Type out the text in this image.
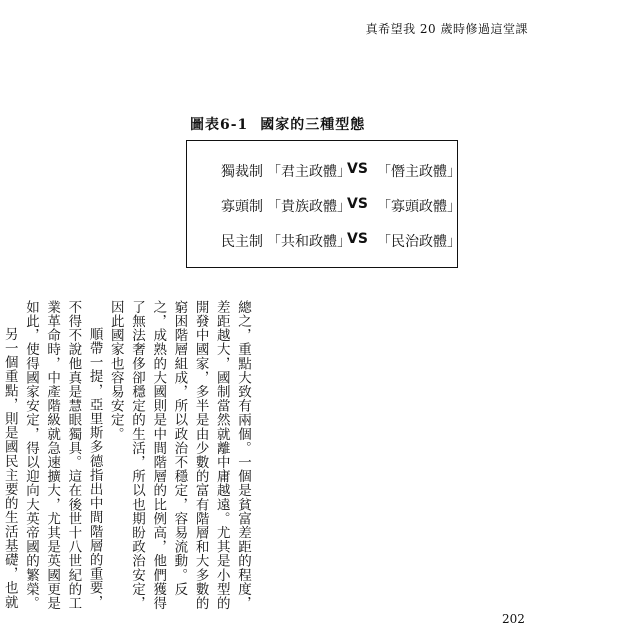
真希望我 20 歲時修過這堂課
圖表6-1 國家的三種型態
獨裁制 「君主政體」
VS 「僭主政體」
寡頭制 「貴族政體」
VS 「寡頭政體」
民主制 「共和政體」
VS 「民治政體」

總之，重點大致有兩個。一個是貧富差距的程度，差距越大，國制當然就離中庸越遠。尤其是小型的開發中國家，多半是由少數的富有階層和大多數的窮困階層組成，所以政治不穩定，容易流動。反之，成熟的大國則是中間階層的比例高，他們獲得了無法奢侈卻穩定的生活，所以也期盼政治安定，因此國家也容易安定。

順帶一提，亞里斯多德指出中間階層的重要，不得不說他真是慧眼獨具。這在後世十八世紀的工業革命時，中產階級就急速擴大，尤其是英國更是如此，使得國家安定，得以迎向大英帝國的繁榮。

另一個重點，則是國民主要的生活基礎，也就

202
